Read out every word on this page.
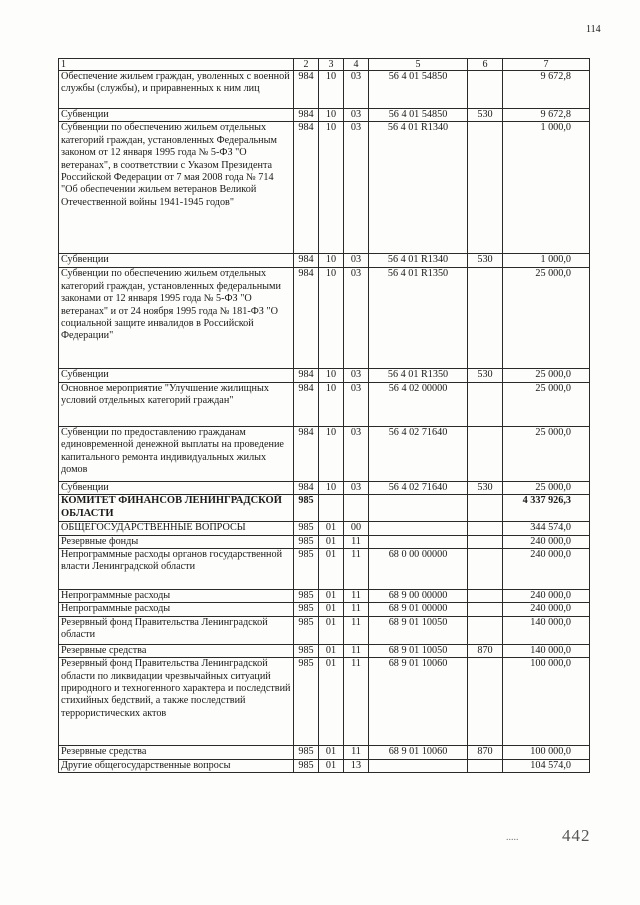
114
1	2	3	4	5	6	7
Обеспечение жильем граждан, уволенных с военной службы (службы), и приравненных к ним лиц	984	10	03	56 4 01 54850		9 672,8
Субвенции	984	10	03	56 4 01 54850	530	9 672,8
Субвенции по обеспечению жильем отдельных категорий граждан, установленных Федеральным законом от 12 января 1995 года № 5-ФЗ "О ветеранах", в соответствии с Указом Президента Российской Федерации от 7 мая 2008 года № 714 "Об обеспечении жильем ветеранов Великой Отечественной войны 1941-1945 годов"	984	10	03	56 4 01 R1340		1 000,0
Субвенции	984	10	03	56 4 01 R1340	530	1 000,0
Субвенции по обеспечению жильем отдельных категорий граждан, установленных федеральными законами от 12 января 1995 года № 5-ФЗ "О ветеранах" и от 24 ноября 1995 года № 181-ФЗ "О социальной защите инвалидов в Российской Федерации"	984	10	03	56 4 01 R1350		25 000,0
Субвенции	984	10	03	56 4 01 R1350	530	25 000,0
Основное мероприятие "Улучшение жилищных условий отдельных категорий граждан"	984	10	03	56 4 02 00000		25 000,0
Субвенции по предоставлению гражданам единовременной денежной выплаты на проведение капитального ремонта индивидуальных жилых домов	984	10	03	56 4 02 71640		25 000,0
Субвенции	984	10	03	56 4 02 71640	530	25 000,0
КОМИТЕТ ФИНАНСОВ ЛЕНИНГРАДСКОЙ ОБЛАСТИ	985					4 337 926,3
ОБЩЕГОСУДАРСТВЕННЫЕ ВОПРОСЫ	985	01	00			344 574,0
Резервные фонды	985	01	11			240 000,0
Непрограммные расходы органов государственной власти Ленинградской области	985	01	11	68 0 00 00000		240 000,0
Непрограммные расходы	985	01	11	68 9 00 00000		240 000,0
Непрограммные расходы	985	01	11	68 9 01 00000		240 000,0
Резервный фонд Правительства Ленинградской области	985	01	11	68 9 01 10050		140 000,0
Резервные средства	985	01	11	68 9 01 10050	870	140 000,0
Резервный фонд Правительства Ленинградской области по ликвидации чрезвычайных ситуаций природного и техногенного характера и последствий стихийных бедствий, а также последствий террористических актов	985	01	11	68 9 01 10060		100 000,0
Резервные средства	985	01	11	68 9 01 10060	870	100 000,0
Другие общегосударственные вопросы	985	01	13			104 574,0
.....	442
